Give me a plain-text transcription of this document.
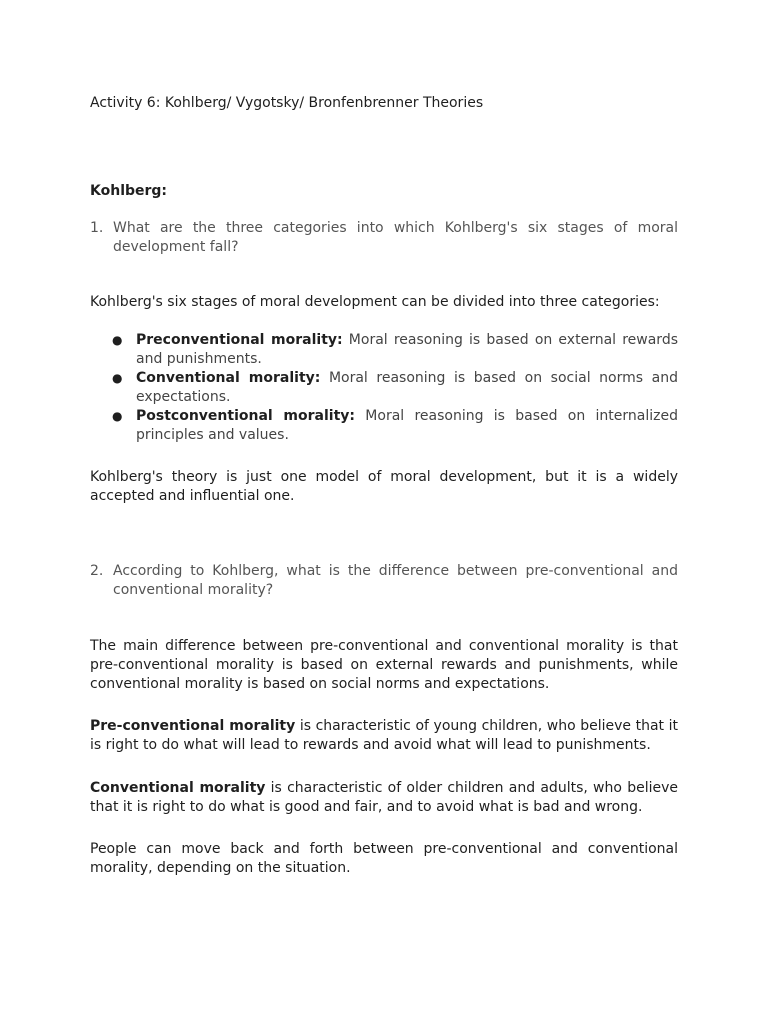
Activity 6: Kohlberg/ Vygotsky/ Bronfenbrenner Theories

Kohlberg:

1. What are the three categories into which Kohlberg's six stages of moral development fall?

Kohlberg's six stages of moral development can be divided into three categories:

● Preconventional morality: Moral reasoning is based on external rewards and punishments.
● Conventional morality: Moral reasoning is based on social norms and expectations.
● Postconventional morality: Moral reasoning is based on internalized principles and values.

Kohlberg's theory is just one model of moral development, but it is a widely accepted and influential one.

2. According to Kohlberg, what is the difference between pre-conventional and conventional morality?

The main difference between pre-conventional and conventional morality is that pre-conventional morality is based on external rewards and punishments, while conventional morality is based on social norms and expectations.

Pre-conventional morality is characteristic of young children, who believe that it is right to do what will lead to rewards and avoid what will lead to punishments.

Conventional morality is characteristic of older children and adults, who believe that it is right to do what is good and fair, and to avoid what is bad and wrong.

People can move back and forth between pre-conventional and conventional morality, depending on the situation.
